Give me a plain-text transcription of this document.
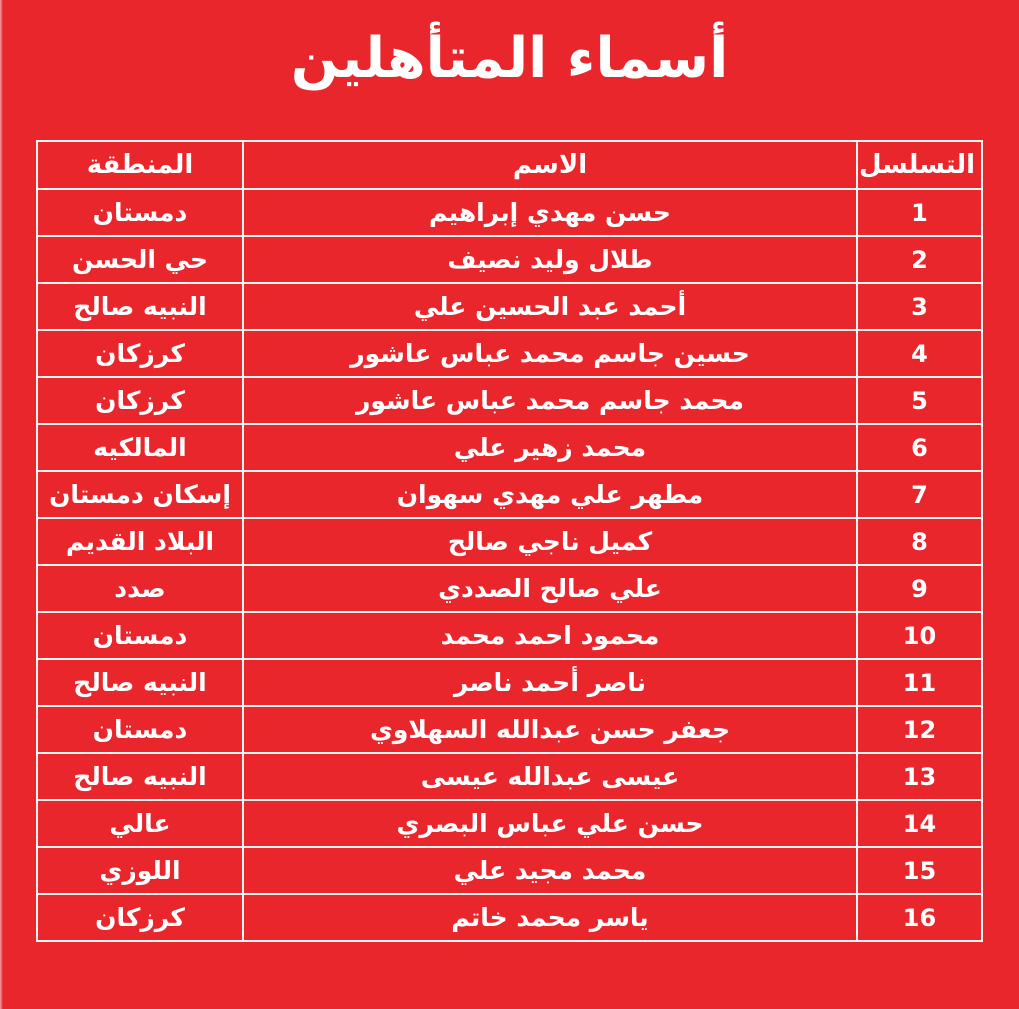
أسماء المتأهلين
التسلسل	الاسم	المنطقة
1	حسن مهدي إبراهيم	دمستان
2	طلال وليد نصيف	حي الحسن
3	أحمد عبد الحسين علي	النبيه صالح
4	حسين جاسم محمد عباس عاشور	كرزكان
5	محمد جاسم محمد عباس عاشور	كرزكان
6	محمد زهير علي	المالكيه
7	مطهر علي مهدي سهوان	إسكان دمستان
8	كميل ناجي صالح	البلاد القديم
9	علي صالح الصددي	صدد
10	محمود احمد محمد	دمستان
11	ناصر أحمد ناصر	النبيه صالح
12	جعفر حسن عبدالله السهلاوي	دمستان
13	عيسى عبدالله عيسى	النبيه صالح
14	حسن علي عباس البصري	عالي
15	محمد مجيد علي	اللوزي
16	ياسر محمد خاتم	كرزكان
